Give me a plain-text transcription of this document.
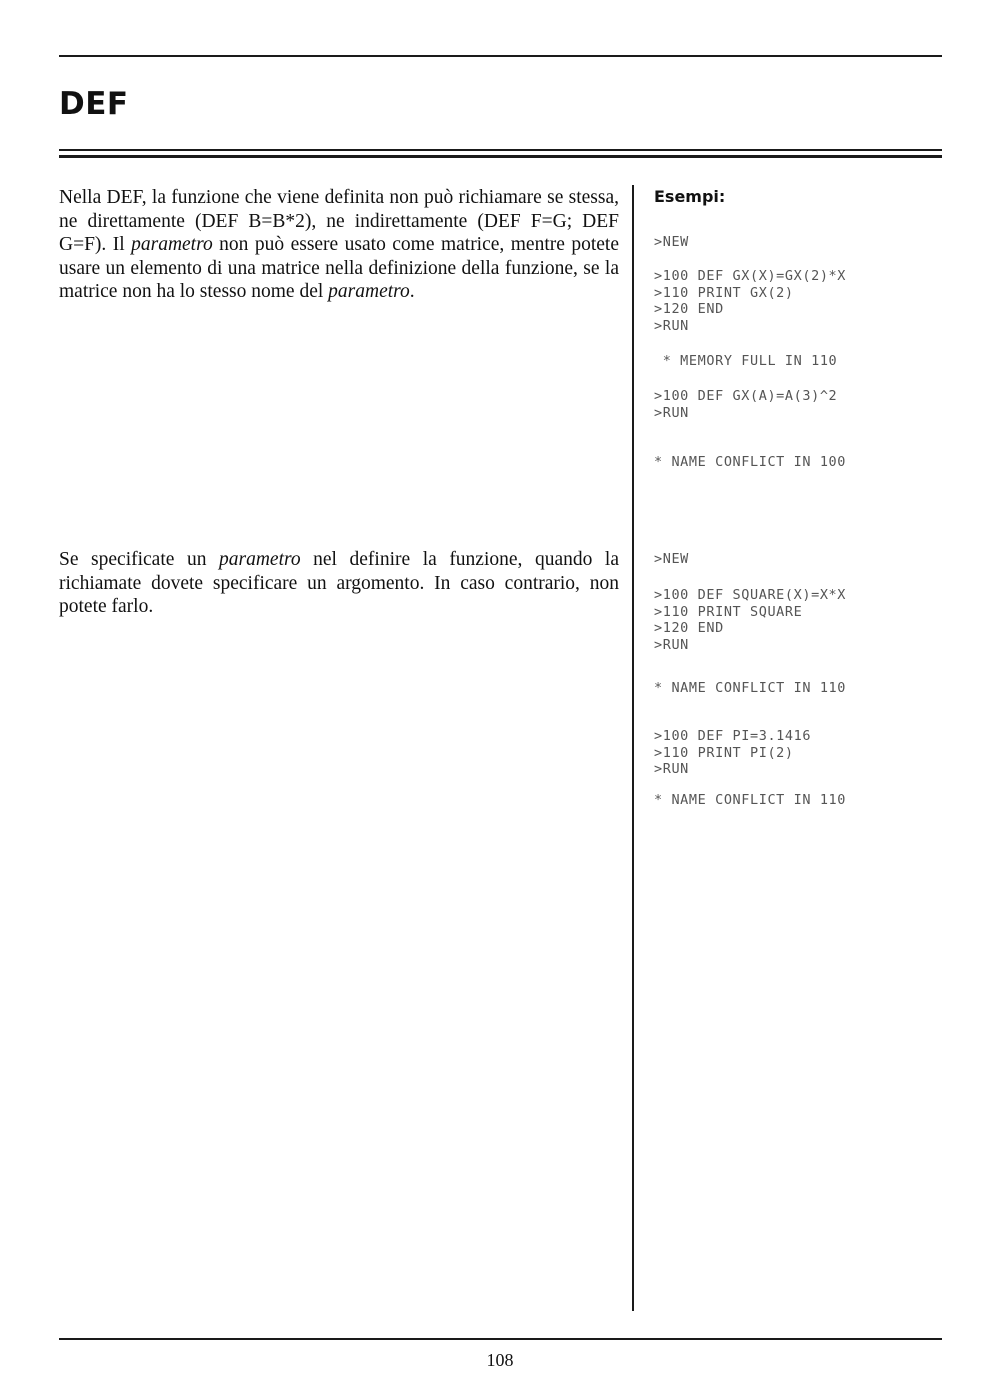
DEF

Nella DEF, la funzione che viene definita non può richiamare se stessa, ne direttamente (DEF B=B*2), ne indirettamente (DEF F=G; DEF G=F). Il parametro non può essere usato come matrice, mentre potete usare un elemento di una matrice nella definizione della funzione, se la matrice non ha lo stesso nome del parametro.

Se specificate un parametro nel definire la funzione, quando la richiamate dovete specificare un argomento. In caso contrario, non potete farlo.

Esempi:
>NEW
>100 DEF GX(X)=GX(2)*X
>110 PRINT GX(2)
>120 END
>RUN
* MEMORY FULL IN 110
>100 DEF GX(A)=A(3)^2
>RUN
* NAME CONFLICT IN 100
>NEW
>100 DEF SQUARE(X)=X*X
>110 PRINT SQUARE
>120 END
>RUN
* NAME CONFLICT IN 110
>100 DEF PI=3.1416
>110 PRINT PI(2)
>RUN
* NAME CONFLICT IN 110
108
